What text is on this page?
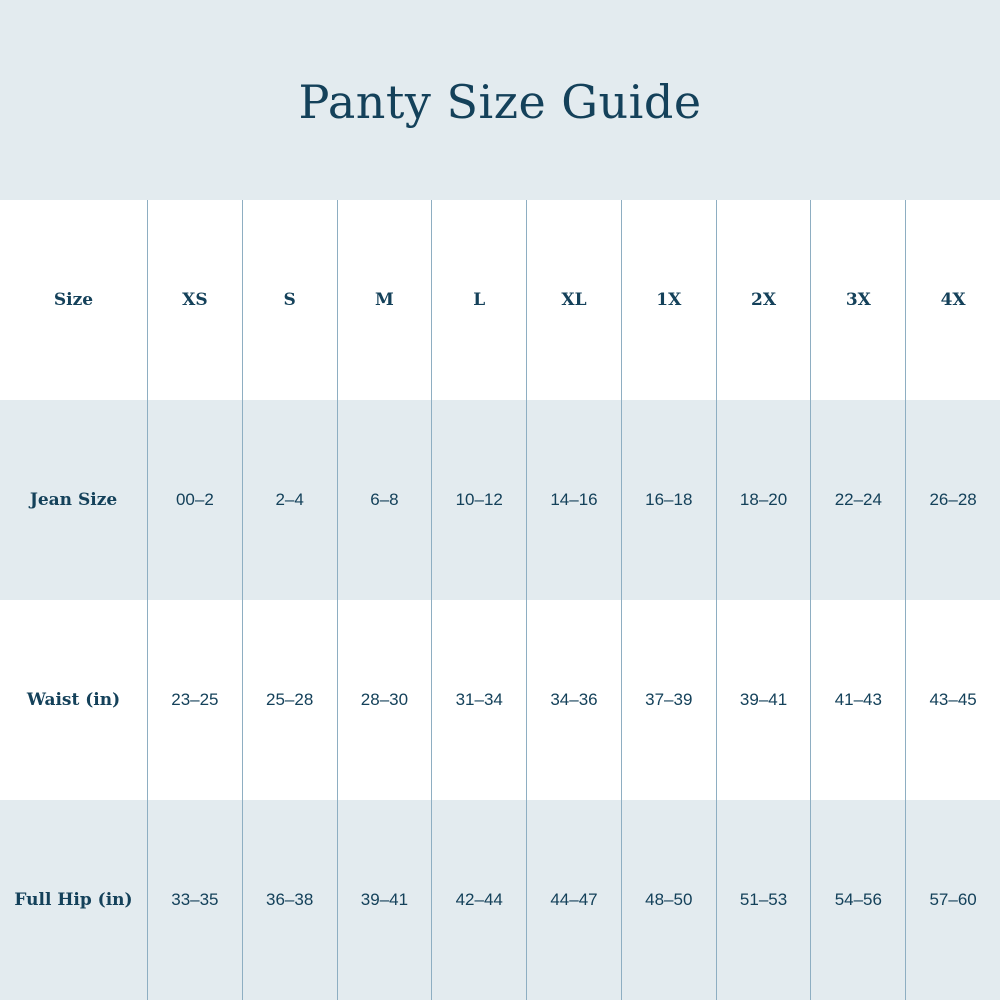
Panty Size Guide
Size	XS	S	M	L	XL	1X	2X	3X	4X
Jean Size	00–2	2–4	6–8	10–12	14–16	16–18	18–20	22–24	26–28
Waist (in)	23–25	25–28	28–30	31–34	34–36	37–39	39–41	41–43	43–45
Full Hip (in)	33–35	36–38	39–41	42–44	44–47	48–50	51–53	54–56	57–60
